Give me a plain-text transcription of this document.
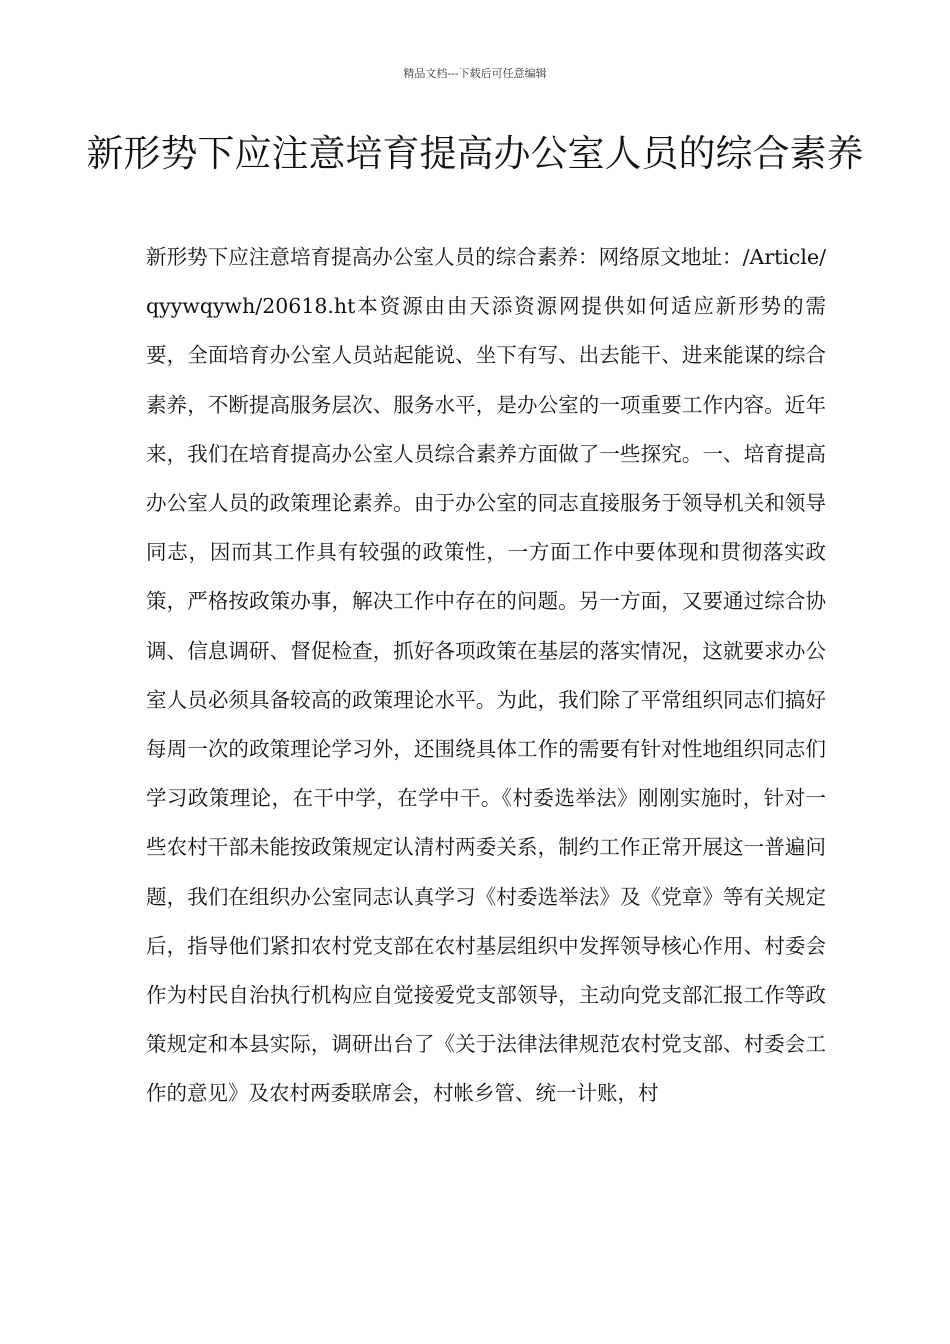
精品文档---下载后可任意编辑
新形势下应注意培育提高办公室人员的综合素养

新形势下应注意培育提高办公室人员的综合素养：网络原文地址：/Article/qyywqywh/20618.ht本资源由由天添资源网提供如何适应新形势的需要，全面培育办公室人员站起能说、坐下有写、出去能干、进来能谋的综合素养，不断提高服务层次、服务水平，是办公室的一项重要工作内容。近年来，我们在培育提高办公室人员综合素养方面做了一些探究。一、培育提高办公室人员的政策理论素养。由于办公室的同志直接服务于领导机关和领导同志，因而其工作具有较强的政策性，一方面工作中要体现和贯彻落实政策，严格按政策办事，解决工作中存在的问题。另一方面，又要通过综合协调、信息调研、督促检查，抓好各项政策在基层的落实情况，这就要求办公室人员必须具备较高的政策理论水平。为此，我们除了平常组织同志们搞好每周一次的政策理论学习外，还围绕具体工作的需要有针对性地组织同志们学习政策理论，在干中学，在学中干。《村委选举法》刚刚实施时，针对一些农村干部未能按政策规定认清村两委关系，制约工作正常开展这一普遍问题，我们在组织办公室同志认真学习《村委选举法》及《党章》等有关规定后，指导他们紧扣农村党支部在农村基层组织中发挥领导核心作用、村委会作为村民自治执行机构应自觉接爱党支部领导，主动向党支部汇报工作等政策规定和本县实际，调研出台了《关于法律法律规范农村党支部、村委会工作的意见》及农村两委联席会，村帐乡管、统一计账，村
